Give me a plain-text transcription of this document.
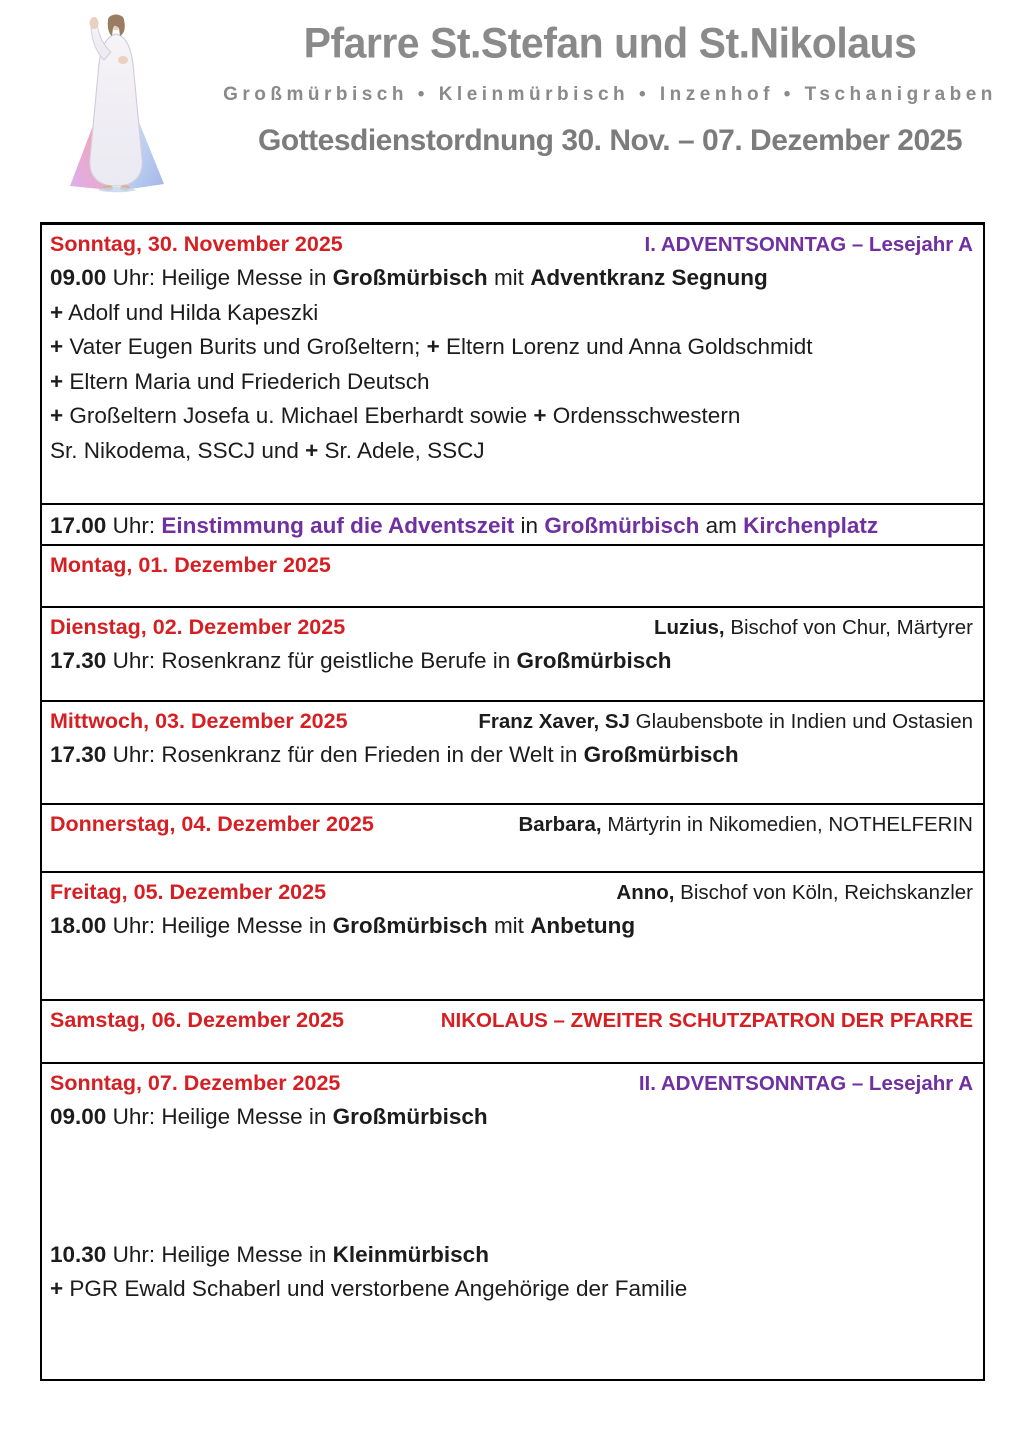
Pfarre St.Stefan und St.Nikolaus
Großmürbisch • Kleinmürbisch • Inzenhof • Tschanigraben
Gottesdienstordnung 30. Nov. – 07. Dezember 2025
Sonntag, 30. November 2025	I. ADVENTSONNTAG – Lesejahr A
09.00 Uhr: Heilige Messe in Großmürbisch mit Adventkranz Segnung
+ Adolf und Hilda Kapeszki
+ Vater Eugen Burits und Großeltern; + Eltern Lorenz und Anna Goldschmidt
+ Eltern Maria und Friederich Deutsch
+ Großeltern Josefa u. Michael Eberhardt sowie + Ordensschwestern
Sr. Nikodema, SSCJ und + Sr. Adele, SSCJ
17.00 Uhr: Einstimmung auf die Adventszeit in Großmürbisch am Kirchenplatz
Montag, 01. Dezember 2025
Dienstag, 02. Dezember 2025	Luzius, Bischof von Chur, Märtyrer
17.30 Uhr: Rosenkranz für geistliche Berufe in Großmürbisch
Mittwoch, 03. Dezember 2025	Franz Xaver, SJ Glaubensbote in Indien und Ostasien
17.30 Uhr: Rosenkranz für den Frieden in der Welt in Großmürbisch
Donnerstag, 04. Dezember 2025	Barbara, Märtyrin in Nikomedien, NOTHELFERIN
Freitag, 05. Dezember 2025	Anno, Bischof von Köln, Reichskanzler
18.00 Uhr: Heilige Messe in Großmürbisch mit Anbetung
Samstag, 06. Dezember 2025	NIKOLAUS – ZWEITER SCHUTZPATRON DER PFARRE
Sonntag, 07. Dezember 2025	II. ADVENTSONNTAG – Lesejahr A
09.00 Uhr: Heilige Messe in Großmürbisch

10.30 Uhr: Heilige Messe in Kleinmürbisch
+ PGR Ewald Schaberl und verstorbene Angehörige der Familie
